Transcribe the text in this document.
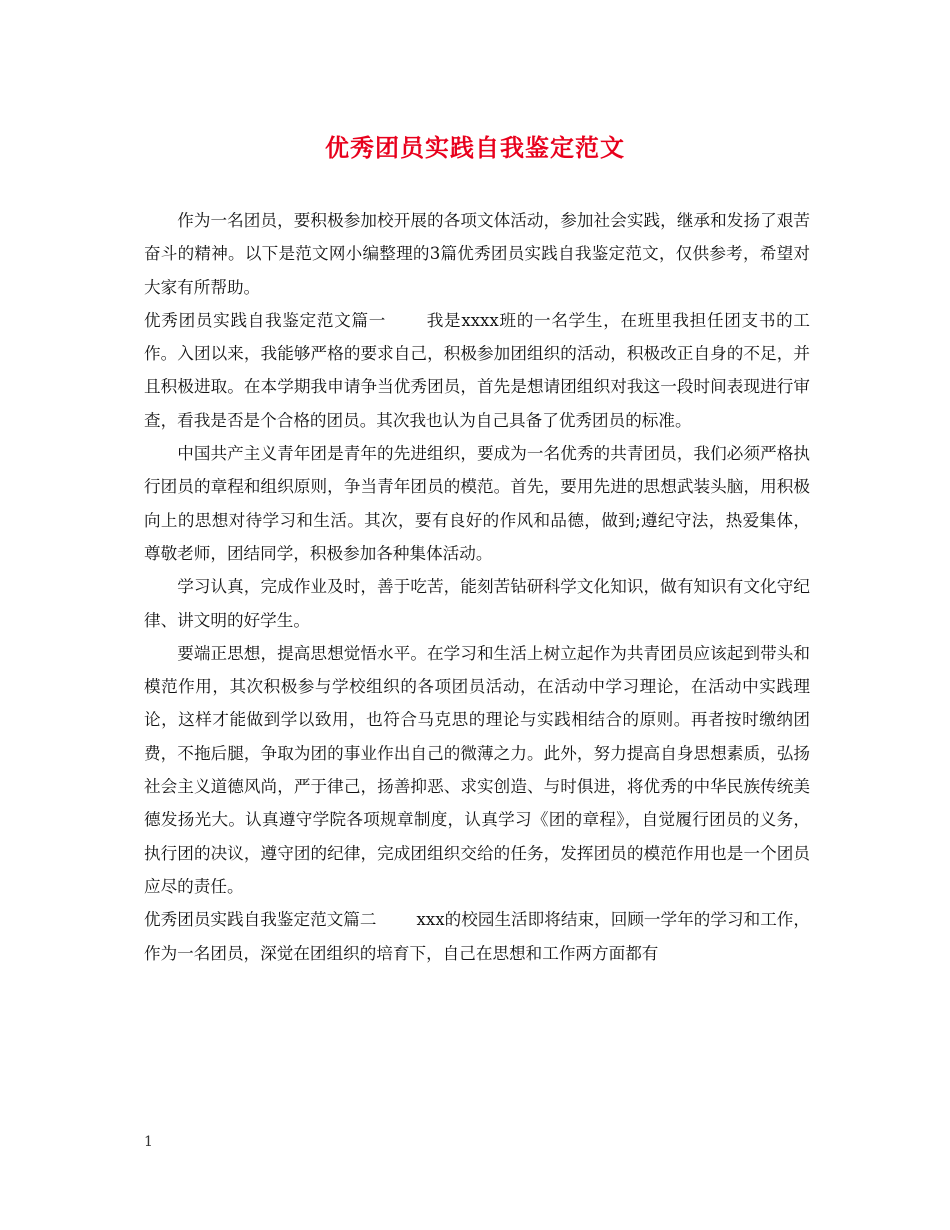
优秀团员实践自我鉴定范文

作为一名团员，要积极参加校开展的各项文体活动，参加社会实践，继承和发扬了艰苦奋斗的精神。以下是范文网小编整理的3篇优秀团员实践自我鉴定范文，仅供参考，希望对大家有所帮助。

优秀团员实践自我鉴定范文篇一 我是xxxx班的一名学生，在班里我担任团支书的工作。入团以来，我能够严格的要求自己，积极参加团组织的活动，积极改正自身的不足，并且积极进取。在本学期我申请争当优秀团员，首先是想请团组织对我这一段时间表现进行审查，看我是否是个合格的团员。其次我也认为自己具备了优秀团员的标准。

中国共产主义青年团是青年的先进组织，要成为一名优秀的共青团员，我们必须严格执行团员的章程和组织原则，争当青年团员的模范。首先，要用先进的思想武装头脑，用积极向上的思想对待学习和生活。其次，要有良好的作风和品德，做到;遵纪守法，热爱集体，尊敬老师，团结同学，积极参加各种集体活动。

学习认真，完成作业及时，善于吃苦，能刻苦钻研科学文化知识，做有知识有文化守纪律、讲文明的好学生。

要端正思想，提高思想觉悟水平。在学习和生活上树立起作为共青团员应该起到带头和模范作用，其次积极参与学校组织的各项团员活动，在活动中学习理论，在活动中实践理论，这样才能做到学以致用，也符合马克思的理论与实践相结合的原则。再者按时缴纳团费，不拖后腿，争取为团的事业作出自己的微薄之力。此外，努力提高自身思想素质，弘扬社会主义道德风尚，严于律己，扬善抑恶、求实创造、与时俱进，将优秀的中华民族传统美德发扬光大。认真遵守学院各项规章制度，认真学习《团的章程》，自觉履行团员的义务，执行团的决议，遵守团的纪律，完成团组织交给的任务，发挥团员的模范作用也是一个团员应尽的责任。

优秀团员实践自我鉴定范文篇二 xxx的校园生活即将结束，回顾一学年的学习和工作，作为一名团员，深觉在团组织的培育下，自己在思想和工作两方面都有

1
